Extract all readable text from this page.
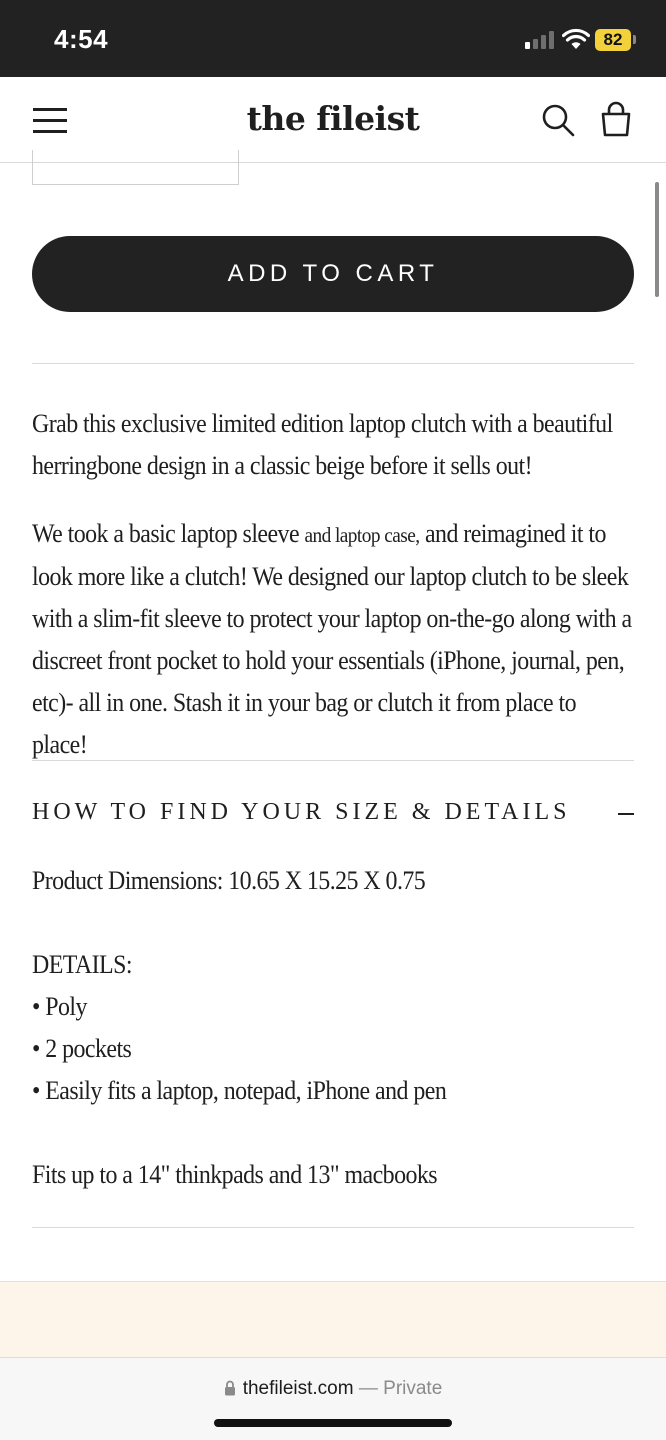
4:54	82
the fileist
ADD TO CART

Grab this exclusive limited edition laptop clutch with a beautiful herringbone design in a classic beige before it sells out!

We took a basic laptop sleeve and laptop case, and reimagined it to look more like a clutch! We designed our laptop clutch to be sleek with a slim-fit sleeve to protect your laptop on-the-go along with a discreet front pocket to hold your essentials (iPhone, journal, pen, etc)- all in one. Stash it in your bag or clutch it from place to place!

HOW TO FIND YOUR SIZE & DETAILS
Product Dimensions: 10.65 X 15.25 X 0.75
DETAILS:
• Poly
• 2 pockets
• Easily fits a laptop, notepad, iPhone and pen
Fits up to a 14" thinkpads and 13" macbooks
thefileist.com — Private
